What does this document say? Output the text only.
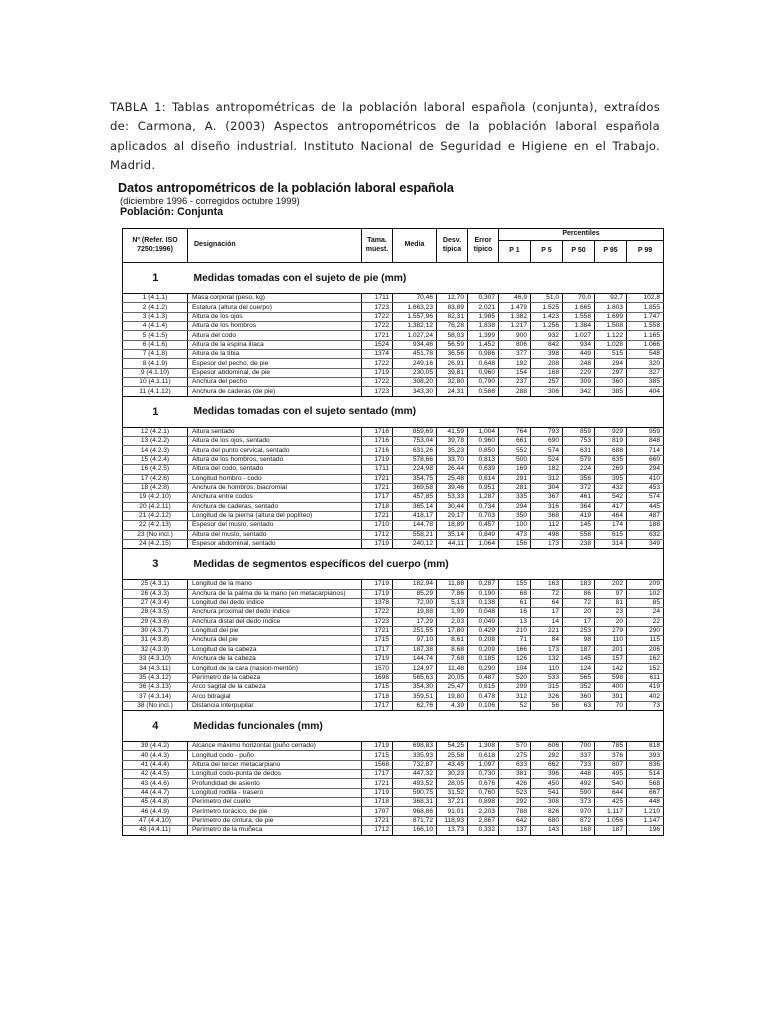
TABLA 1: Tablas antropométricas de la población laboral española (conjunta), extraídos de: Carmona, A. (2003) Aspectos antropométricos de la población laboral española aplicados al diseño industrial. Instituto Nacional de Seguridad e Higiene en el Trabajo. Madrid.

Datos antropométricos de la población laboral española
(diciembre 1996 - corregidos octubre 1999)
Población: Conjunta
Nº (Refer. ISO 7250:1996)	Designación	Tama. muest.	Media	Desv. típica	Error típico	Percentiles				
						P 1	P 5	P 50	P 95	P 99
1	Medidas tomadas con el sujeto de pie (mm)									
1 (4.1.1)	Masa corporal (peso, kg)	1711	70,46	12,70	0,307	46,9	51,0	70,0	92,7	102,8
2 (4.1.2)	Estatura (altura del cuerpo)	1723	1.663,23	83,89	2,021	1.479	1.525	1.665	1.803	1.855
3 (4.1.3)	Altura de los ojos	1722	1.557,96	82,31	1,985	1.382	1.423	1.558	1.699	1.747
4 (4.1.4)	Altura de los hombros	1722	1.382,12	76,28	1,838	1.217	1.256	1.384	1.508	1.558
5 (4.1.5)	Altura del codo	1721	1.027,24	58,03	1,399	900	932	1.027	1.122	1.165
6 (4.1.6)	Altura de la espina ilíaca	1524	934,46	56,59	1,452	806	842	934	1.028	1.066
7 (4.1.8)	Altura de la tibia	1374	451,78	36,56	0,986	377	398	449	515	548
8 (4.1.9)	Espesor del pecho, de pie	1722	249,16	26,91	0,648	192	208	248	294	320
9 (4.1.10)	Espesor abdominal, de pie	1719	230,05	39,81	0,960	154	168	229	297	327
10 (4.1.11)	Anchura del pecho	1722	308,20	32,80	0,790	237	257	309	360	385
11 (4.1.12)	Anchura de caderas (de pie)	1723	343,30	24,31	0,586	288	306	342	385	404
1	Medidas tomadas con el sujeto sentado (mm)									
12 (4.2.1)	Altura sentado	1716	859,69	41,59	1,004	764	793	859	929	959
13 (4.2.2)	Altura de los ojos, sentado	1716	753,04	39,78	0,960	661	690	753	819	848
14 (4.2.3)	Altura del punto cervical, sentado	1716	631,26	35,23	0,850	552	574	631	688	714
15 (4.2.4)	Altura de los hombros, sentado	1719	578,66	33,70	0,813	500	524	579	635	660
16 (4.2.5)	Altura del codo, sentado	1711	224,98	26,44	0,639	169	182	224	269	294
17 (4.2.6)	Longitud hombro - codo	1721	354,75	25,48	0,614	291	312	356	395	410
18 (4.2.8)	Anchura de hombros, biacromial	1721	369,58	39,46	0,951	281	304	372	432	453
19 (4.2.10)	Anchura entre codos	1717	457,85	53,33	1,287	335	367	461	542	574
20 (4.2.11)	Anchura de caderas, sentado	1718	365,14	30,44	0,734	294	316	364	417	445
21 (4.2.12)	Longitud de la pierna (altura del poplíteo)	1721	418,17	29,17	0,703	350	368	419	464	487
22 (4.2.13)	Espesor del muslo, sentado	1710	144,78	18,89	0,457	100	112	145	174	188
23 (No incl.)	Altura del muslo, sentado	1712	558,21	35,14	0,849	473	498	558	615	632
24 (4.2.15)	Espesor abdominal, sentado	1719	240,12	44,11	1,064	156	173	238	314	349
3	Medidas de segmentos específicos del cuerpo (mm)									
25 (4.3.1)	Longitud de la mano	1719	182,94	11,88	0,287	155	163	183	202	209
26 (4.3.3)	Anchura de la palma de la mano (en metacarpianos)	1719	85,29	7,86	0,190	68	72	86	97	102
27 (4.3.4)	Longitud del dedo índice	1378	72,00	5,13	0,138	61	64	72	81	85
28 (4.3.5)	Anchura proximal del dedo índice	1722	19,88	1,99	0,048	16	17	20	23	24
29 (4.3.6)	Anchura distal del dedo índice	1723	17,29	2,03	0,049	13	14	17	20	22
30 (4.3.7)	Longitud del pie	1721	251,55	17,80	0,429	210	221	253	279	290
31 (4.3.8)	Anchura del pie	1715	97,10	8,61	0,208	71	84	98	110	115
32 (4.3.9)	Longitud de la cabeza	1717	187,38	8,68	0,209	166	173	187	201	206
33 (4.3.10)	Anchura de la cabeza	1719	144,74	7,68	0,185	126	132	145	157	162
34 (4.3.11)	Longitud de la cara (nasion-mentón)	1570	124,97	11,48	0,290	104	110	124	142	152
35 (4.3.12)	Perímetro de la cabeza	1698	565,63	20,05	0,487	520	533	565	598	611
36 (4.3.13)	Arco sagital de la cabeza	1715	354,30	25,47	0,615	299	315	352	400	419
37 (4.3.14)	Arco bitragial	1718	359,51	19,80	0,478	312	326	360	391	402
38 (No incl.)	Distancia interpupilar	1717	62,76	4,39	0,106	52	56	63	70	73
4	Medidas funcionales (mm)									
39 (4.4.2)	Alcance máximo horizontal (puño cerrado)	1719	698,83	54,25	1,308	570	606	700	785	818
40 (4.4.3)	Longitud codo - puño	1715	335,93	25,58	0,618	275	292	337	376	393
41 (4.4.4)	Altura del tercer metacarpiano	1568	732,87	43,45	1,097	633	662	733	807	836
42 (4.4.5)	Longitud codo-punta de dedos	1717	447,32	30,23	0,730	381	396	448	495	514
43 (4.4.6)	Profundidad de asiento	1721	493,52	28,05	0,676	426	450	492	540	568
44 (4.4.7)	Longitud rodilla - trasero	1719	590,75	31,52	0,760	523	541	590	644	667
45 (4.4.8)	Perímetro del cuello	1718	368,31	37,21	0,898	292	308	373	425	448
46 (4.4.9)	Perímetro torácico, de pie	1707	968,86	91,01	2,203	788	826	970	1.117	1.210
47 (4.4.10)	Perímetro de cintura, de pie	1721	871,72	118,93	2,867	642	680	872	1.056	1.147
48 (4.4.11)	Perímetro de la muñeca	1712	166,10	13,73	0,332	137	143	168	187	196
